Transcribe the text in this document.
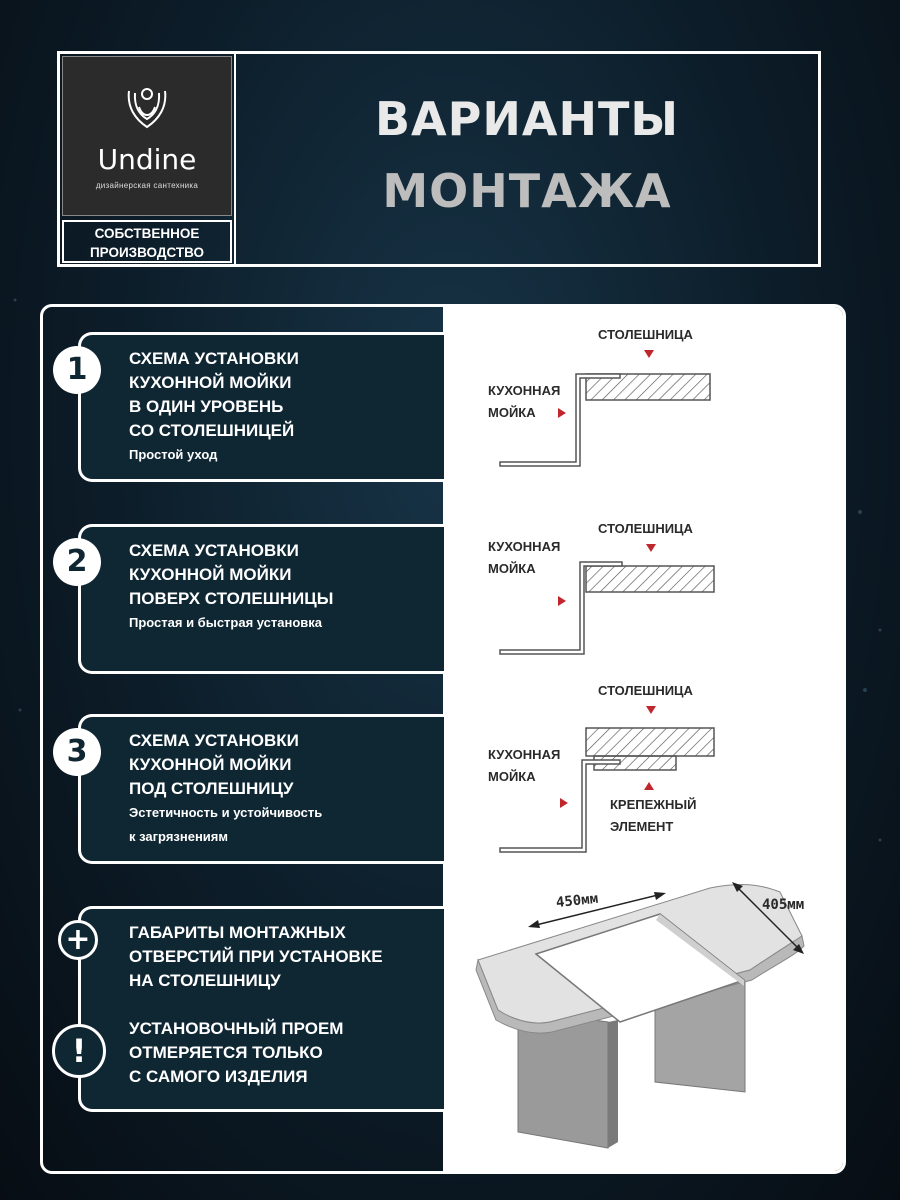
Undine
дизайнерская сантехника
СОБСТВЕННОЕ
ПРОИЗВОДСТВО
ВАРИАНТЫ
МОНТАЖА
СХЕМА УСТАНОВКИ
КУХОННОЙ МОЙКИ
В ОДИН УРОВЕНЬ
СО СТОЛЕШНИЦЕЙ
Простой уход
1
СХЕМА УСТАНОВКИ
КУХОННОЙ МОЙКИ
ПОВЕРХ СТОЛЕШНИЦЫ
Простая и быстрая установка
2
СХЕМА УСТАНОВКИ
КУХОННОЙ МОЙКИ
ПОД СТОЛЕШНИЦУ
Эстетичность и устойчивость
к загрязнениям
3
ГАБАРИТЫ МОНТАЖНЫХ
ОТВЕРСТИЙ ПРИ УСТАНОВКЕ
НА СТОЛЕШНИЦУ
УСТАНОВОЧНЫЙ ПРОЕМ
ОТМЕРЯЕТСЯ ТОЛЬКО
С САМОГО ИЗДЕЛИЯ
+
!
СТОЛЕШНИЦА
КУХОННАЯ
МОЙКА
СТОЛЕШНИЦА
КУХОННАЯ
МОЙКА
СТОЛЕШНИЦА
КУХОННАЯ
МОЙКА
КРЕПЕЖНЫЙ
ЭЛЕМЕНТ
450мм	405мм
